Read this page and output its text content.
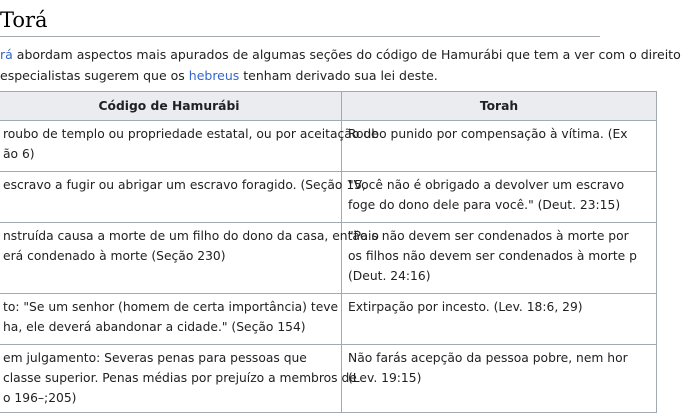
Torá
rá abordam aspectos mais apurados de algumas seções do código de Hamurábi que tem a ver com o direito
especialistas sugerem que os hebreus tenham derivado sua lei deste.
Código de Hamurábi	Torah

roubo de templo ou propriedade estatal, ou por aceitação de
ão 6)	Roubo punido por compensação à vítima. (Ex

escravo a fugir ou abrigar um escravo foragido. (Seção 15,	"Você não é obrigado a devolver um escravo
foge do dono dele para você." (Deut. 23:15)

nstruída causa a morte de um filho do dono da casa, então o
erá condenado à morte (Seção 230)	"Pais não devem ser condenados à morte por
os filhos não devem ser condenados à morte p
(Deut. 24:16)

to: "Se um senhor (homem de certa importância) teve
ha, ele deverá abandonar a cidade." (Seção 154)	Extirpação por incesto. (Lev. 18:6, 29)

em julgamento: Severas penas para pessoas que
classe superior. Penas médias por prejuízo a membros de
o 196–;205)	Não farás acepção da pessoa pobre, nem hor
(Lev. 19:15)
